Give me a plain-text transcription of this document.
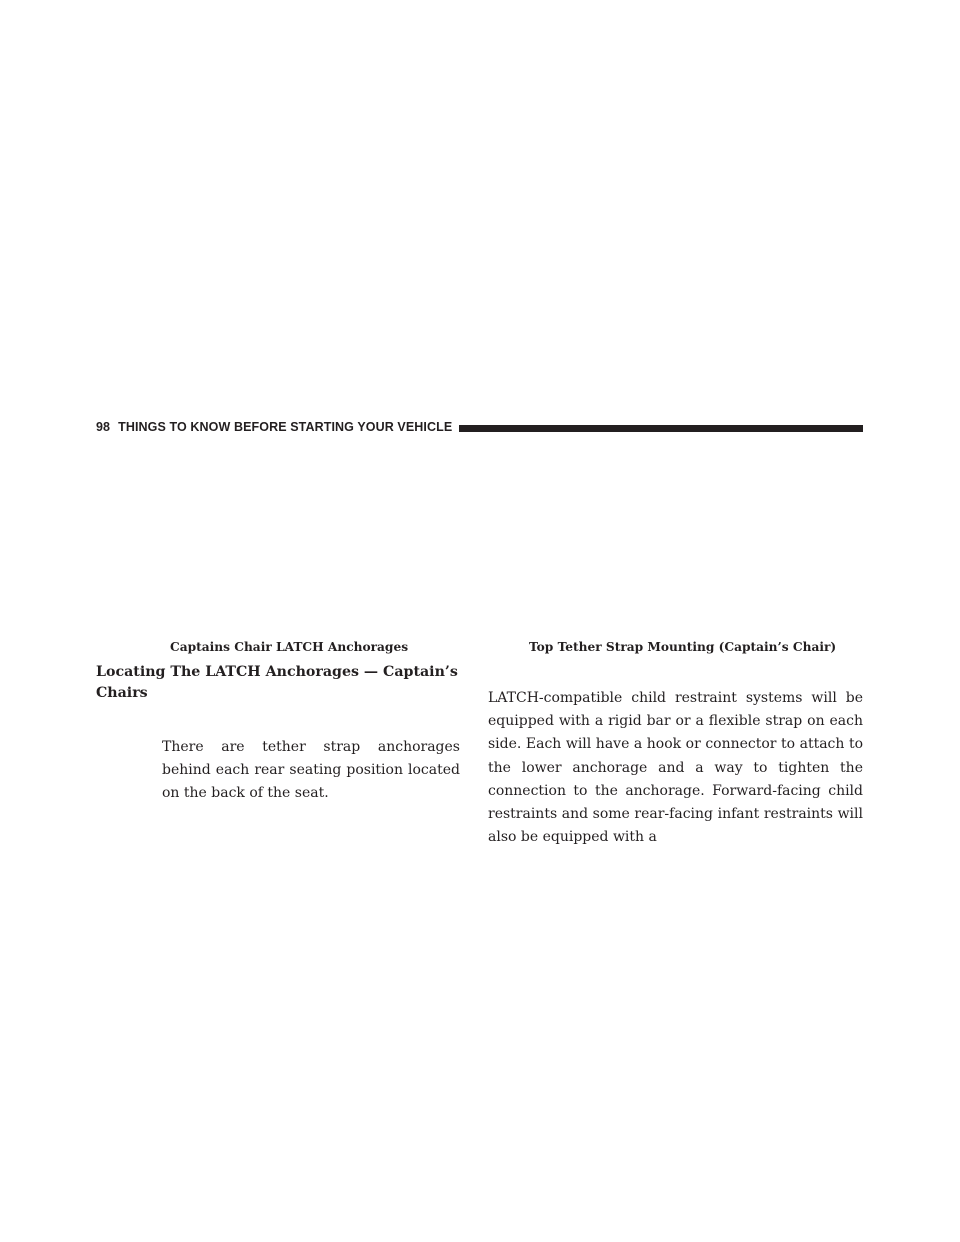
98 THINGS TO KNOW BEFORE STARTING YOUR VEHICLE
Captains Chair LATCH Anchorages	Top Tether Strap Mounting (Captain’s Chair)
Locating The LATCH Anchorages — Captain’s Chairs
There are tether strap anchorages behind each rear seating position located on the back of the seat.
LATCH-compatible child restraint systems will be equipped with a rigid bar or a flexible strap on each side. Each will have a hook or connector to attach to the lower anchorage and a way to tighten the connection to the anchorage. Forward-facing child restraints and some rear-facing infant restraints will also be equipped with a
